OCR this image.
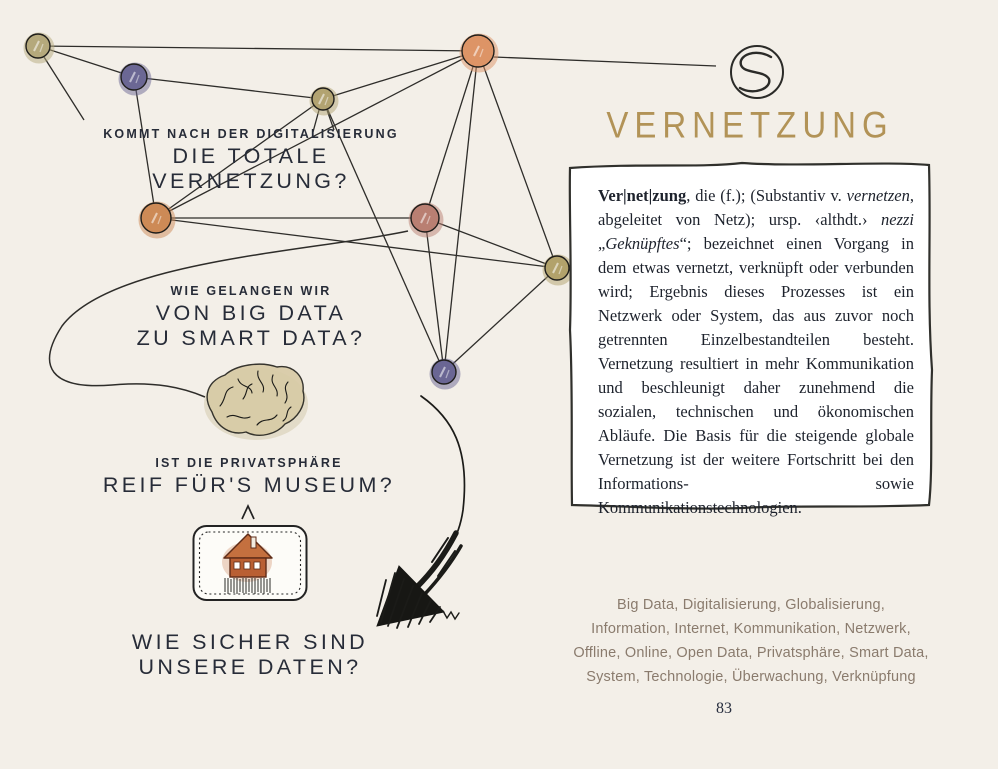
VERNETZUNG
KOMMT NACH DER DIGITALISIERUNG
DIE TOTALE VERNETZUNG?
WIE GELANGEN WIR
VON BIG DATA
ZU SMART DATA?
IST DIE PRIVATSPHÄRE
REIF FÜR'S MUSEUM?
WIE SICHER SIND
UNSERE DATEN?
Ver|net|zung, die (f.); (Substantiv v. vernetzen, abgeleitet von Netz); ursp. ‹althdt.› nezzi „Geknüpftes“; bezeichnet einen Vorgang in dem etwas vernetzt, verknüpft oder verbunden wird; Ergebnis dieses Prozesses ist ein Netzwerk oder System, das aus zuvor noch getrennten Einzelbestandteilen besteht. Vernetzung resultiert in mehr Kommunikation und beschleunigt daher zunehmend die sozialen, technischen und ökonomischen Abläufe. Die Basis für die steigende globale Vernetzung ist der weitere Fortschritt bei den Informations- sowie Kommunikationstechnologien.
Big Data, Digitalisierung, Globalisierung,
Information, Internet, Kommunikation, Netzwerk,
Offline, Online, Open Data, Privatsphäre, Smart Data,
System, Technologie, Überwachung, Verknüpfung
83
